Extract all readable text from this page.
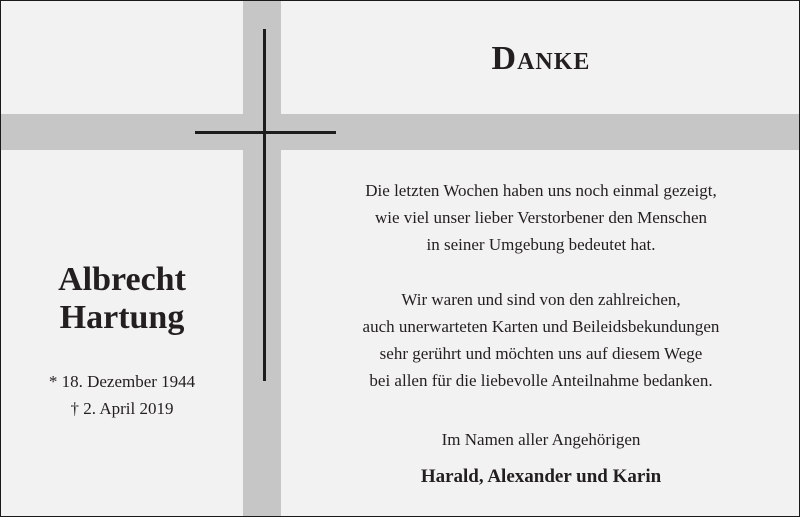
Danke
Albrecht
Hartung
* 18. Dezember 1944
† 2. April 2019
Die letzten Wochen haben uns noch einmal gezeigt,
wie viel unser lieber Verstorbener den Menschen
in seiner Umgebung bedeutet hat.
Wir waren und sind von den zahlreichen,
auch unerwarteten Karten und Beileidsbekundungen
sehr gerührt und möchten uns auf diesem Wege
bei allen für die liebevolle Anteilnahme bedanken.
Im Namen aller Angehörigen
Harald, Alexander und Karin
